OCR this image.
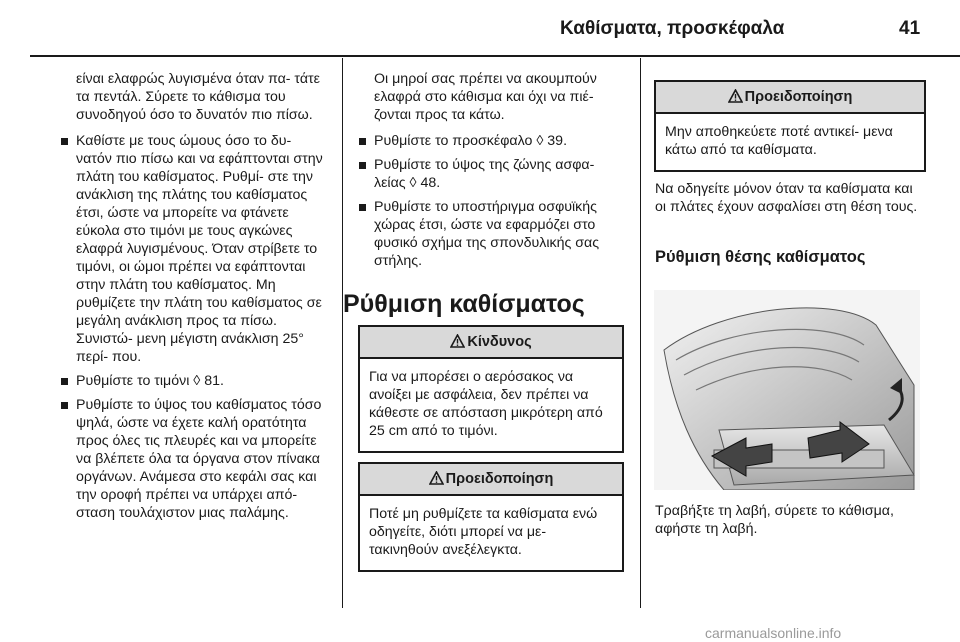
Καθίσματα, προσκέφαλα	41

είναι ελαφρώς λυγισμένα όταν πα- τάτε τα πεντάλ. Σύρετε το κάθισμα του συνοδηγού όσο το δυνατόν πιο πίσω.

Καθίστε με τους ώμους όσο το δυ- νατόν πιο πίσω και να εφάπτονται στην πλάτη του καθίσματος. Ρυθμί- στε την ανάκλιση της πλάτης του καθίσματος έτσι, ώστε να μπορείτε να φτάνετε εύκολα στο τιμόνι με τους αγκώνες ελαφρά λυγισμένους. Όταν στρίβετε το τιμόνι, οι ώμοι πρέπει να εφάπτονται στην πλάτη του καθίσματος. Μη ρυθμίζετε την πλάτη του καθίσματος σε μεγάλη ανάκλιση προς τα πίσω. Συνιστώ- μενη μέγιστη ανάκλιση 25° περί- που.
Ρυθμίστε το τιμόνι ◊ 81.
Ρυθμίστε το ύψος του καθίσματος τόσο ψηλά, ώστε να έχετε καλή ορατότητα προς όλες τις πλευρές και να μπορείτε να βλέπετε όλα τα όργανα στον πίνακα οργάνων. Ανάμεσα στο κεφάλι σας και την οροφή πρέπει να υπάρχει από- σταση τουλάχιστον μιας παλάμης.

Οι μηροί σας πρέπει να ακουμπούν ελαφρά στο κάθισμα και όχι να πιέ- ζονται προς τα κάτω.

Ρυθμίστε το προσκέφαλο ◊ 39.
Ρυθμίστε το ύψος της ζώνης ασφα- λείας ◊ 48.
Ρυθμίστε το υποστήριγμα οσφυϊκής χώρας έτσι, ώστε να εφαρμόζει στο φυσικό σχήμα της σπονδυλικής σας στήλης.
Ρύθμιση καθίσματος
Κίνδυνος
Για να μπορέσει ο αερόσακος να ανοίξει με ασφάλεια, δεν πρέπει να κάθεστε σε απόσταση μικρότερη από 25 cm από το τιμόνι.
Προειδοποίηση
Ποτέ μη ρυθμίζετε τα καθίσματα ενώ οδηγείτε, διότι μπορεί να με- τακινηθούν ανεξέλεγκτα.
Προειδοποίηση
Μην αποθηκεύετε ποτέ αντικεί- μενα κάτω από τα καθίσματα.
Να οδηγείτε μόνον όταν τα καθίσματα και οι πλάτες έχουν ασφαλίσει στη θέση τους.
Ρύθμιση θέσης καθίσματος
Τραβήξτε τη λαβή, σύρετε το κάθισμα, αφήστε τη λαβή.
carmanualsonline.info
